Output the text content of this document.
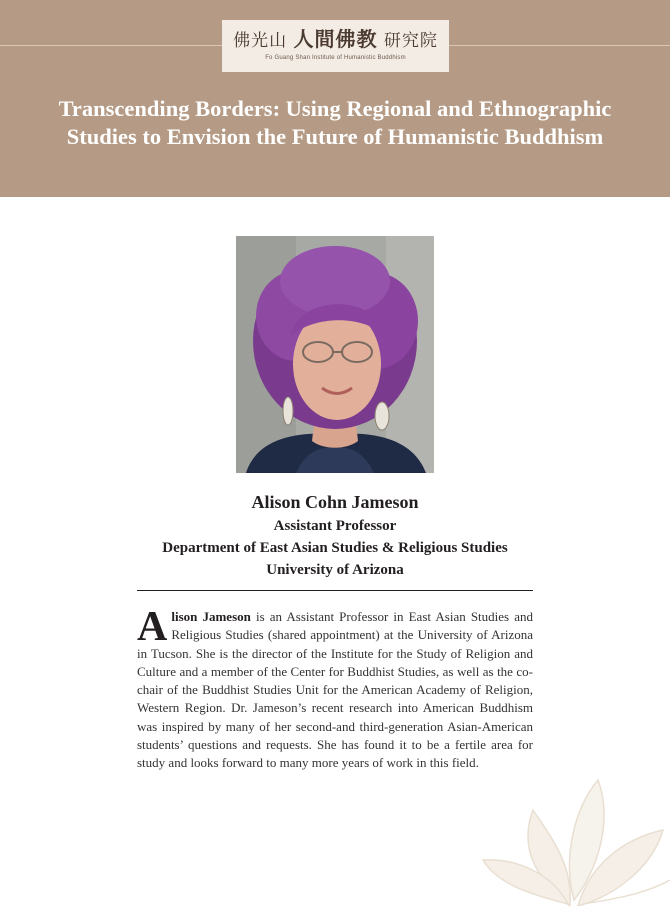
佛光山 人間佛教 研究院
Fo Guang Shan Institute of Humanistic Buddhism
Transcending Borders: Using Regional and Ethnographic Studies to Envision the Future of Humanistic Buddhism
Alison Cohn Jameson
Assistant Professor
Department of East Asian Studies & Religious Studies
University of Arizona

Alison Jameson is an Assistant Professor in East Asian Studies and Religious Studies (shared appointment) at the University of Arizona in Tucson. She is the director of the Institute for the Study of Religion and Culture and a member of the Center for Buddhist Studies, as well as the co-chair of the Buddhist Studies Unit for the American Academy of Religion, Western Region. Dr. Jameson’s recent research into American Buddhism was inspired by many of her second-and third-generation Asian-American students’ questions and requests. She has found it to be a fertile area for study and looks forward to many more years of work in this field.
